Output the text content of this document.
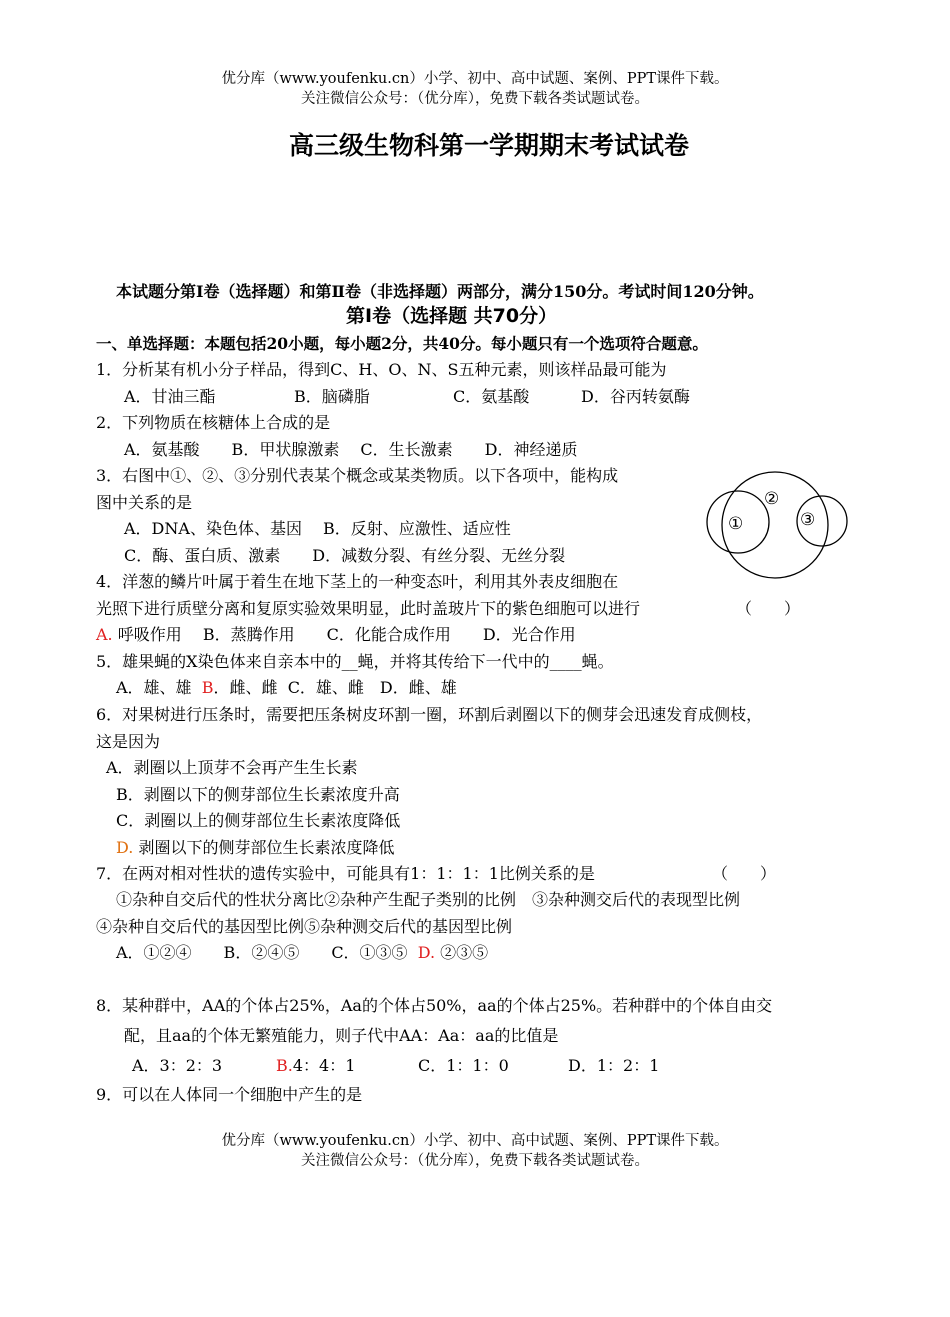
优分库（www.youfenku.cn）小学、初中、高中试题、案例、PPT课件下载。
关注微信公众号：（优分库），免费下载各类试题试卷。
高三级生物科第一学期期末考试试卷
本试题分第Ⅰ卷（选择题）和第Ⅱ卷（非选择题）两部分，满分150分。考试时间120分钟。
第Ⅰ卷（选择题 共70分）
一、单选择题：本题包括20小题，每小题2分，共40分。每小题只有一个选项符合题意。
1．分析某有机小分子样品，得到C、H、O、N、S五种元素，则该样品最可能为
A．甘油三酯	B．脑磷脂	C．氨基酸	D．谷丙转氨酶
2．下列物质在核糖体上合成的是
A．氨基酸　　B．甲状腺激素　 C．生长激素　　D．神经递质
3．右图中①、②、③分别代表某个概念或某类物质。以下各项中，能构成
图中关系的是
A．DNA、染色体、基因　 B．反射、应激性、适应性
C．酶、蛋白质、激素　　D．减数分裂、有丝分裂、无丝分裂
①
②
③
4．洋葱的鳞片叶属于着生在地下茎上的一种变态叶，利用其外表皮细胞在
光照下进行质壁分离和复原实验效果明显，此时盖玻片下的紫色细胞可以进行	（　　）
A. 呼吸作用　 B．蒸腾作用　　C．化能合成作用　　D．光合作用
5．雄果蝇的X染色体来自亲本中的__蝇，并将其传给下一代中的____蝇。
A．雄、雄 B．雌、雌 C．雄、雌　D．雌、雄
6．对果树进行压条时，需要把压条树皮环割一圈，环割后剥圈以下的侧芽会迅速发育成侧枝，
这是因为
A．剥圈以上顶芽不会再产生生长素
B．剥圈以下的侧芽部位生长素浓度升高
C．剥圈以上的侧芽部位生长素浓度降低
D. 剥圈以下的侧芽部位生长素浓度降低
7．在两对相对性状的遗传实验中，可能具有1：1：1：1比例关系的是	（　　）
①杂种自交后代的性状分离比②杂种产生配子类别的比例　③杂种测交后代的表现型比例
④杂种自交后代的基因型比例⑤杂种测交后代的基因型比例
A．①②④　　B．②④⑤　　C．①③⑤ D. ②③⑤
8．某种群中，AA的个体占25%，Aa的个体占50%，aa的个体占25%。若种群中的个体自由交
配，且aa的个体无繁殖能力，则子代中AA：Aa：aa的比值是
A．3：2：3	B.4：4：1	C．1：1：0	D．1：2：1
9．可以在人体同一个细胞中产生的是
优分库（www.youfenku.cn）小学、初中、高中试题、案例、PPT课件下载。
关注微信公众号：（优分库），免费下载各类试题试卷。
